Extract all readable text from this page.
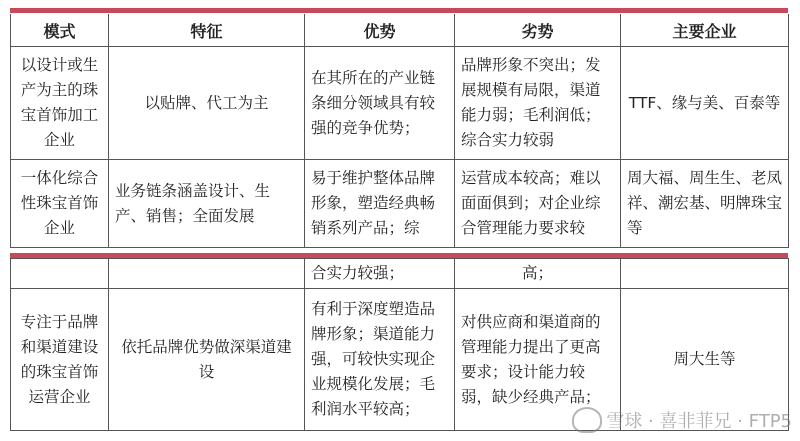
模式	特征	优势	劣势	主要企业
以设计或生产为主的珠宝首饰加工企业	以贴牌、代工为主	在其所在的产业链条细分领域具有较强的竞争优势；	品牌形象不突出；发展规模有局限，渠道能力弱；毛利润低；综合实力较弱	TTF、缘与美、百泰等
一体化综合性珠宝首饰企业	业务链条涵盖设计、生产、销售；全面发展	易于维护整体品牌形象，塑造经典畅销系列产品；综	运营成本较高；难以面面俱到；对企业综合管理能力要求较	周大福、周生生、老凤祥、潮宏基、明牌珠宝等
		合实力较强；	高；	
专注于品牌和渠道建设的珠宝首饰运营企业	依托品牌优势做深渠道建设	有利于深度塑造品牌形象；渠道能力强，可较快实现企业规模化发展；毛利润水平较高；	对供应商和渠道商的管理能力提出了更高要求；设计能力较弱，缺少经典产品；	周大生等
雪球 · 喜非菲兄 · FTP5
